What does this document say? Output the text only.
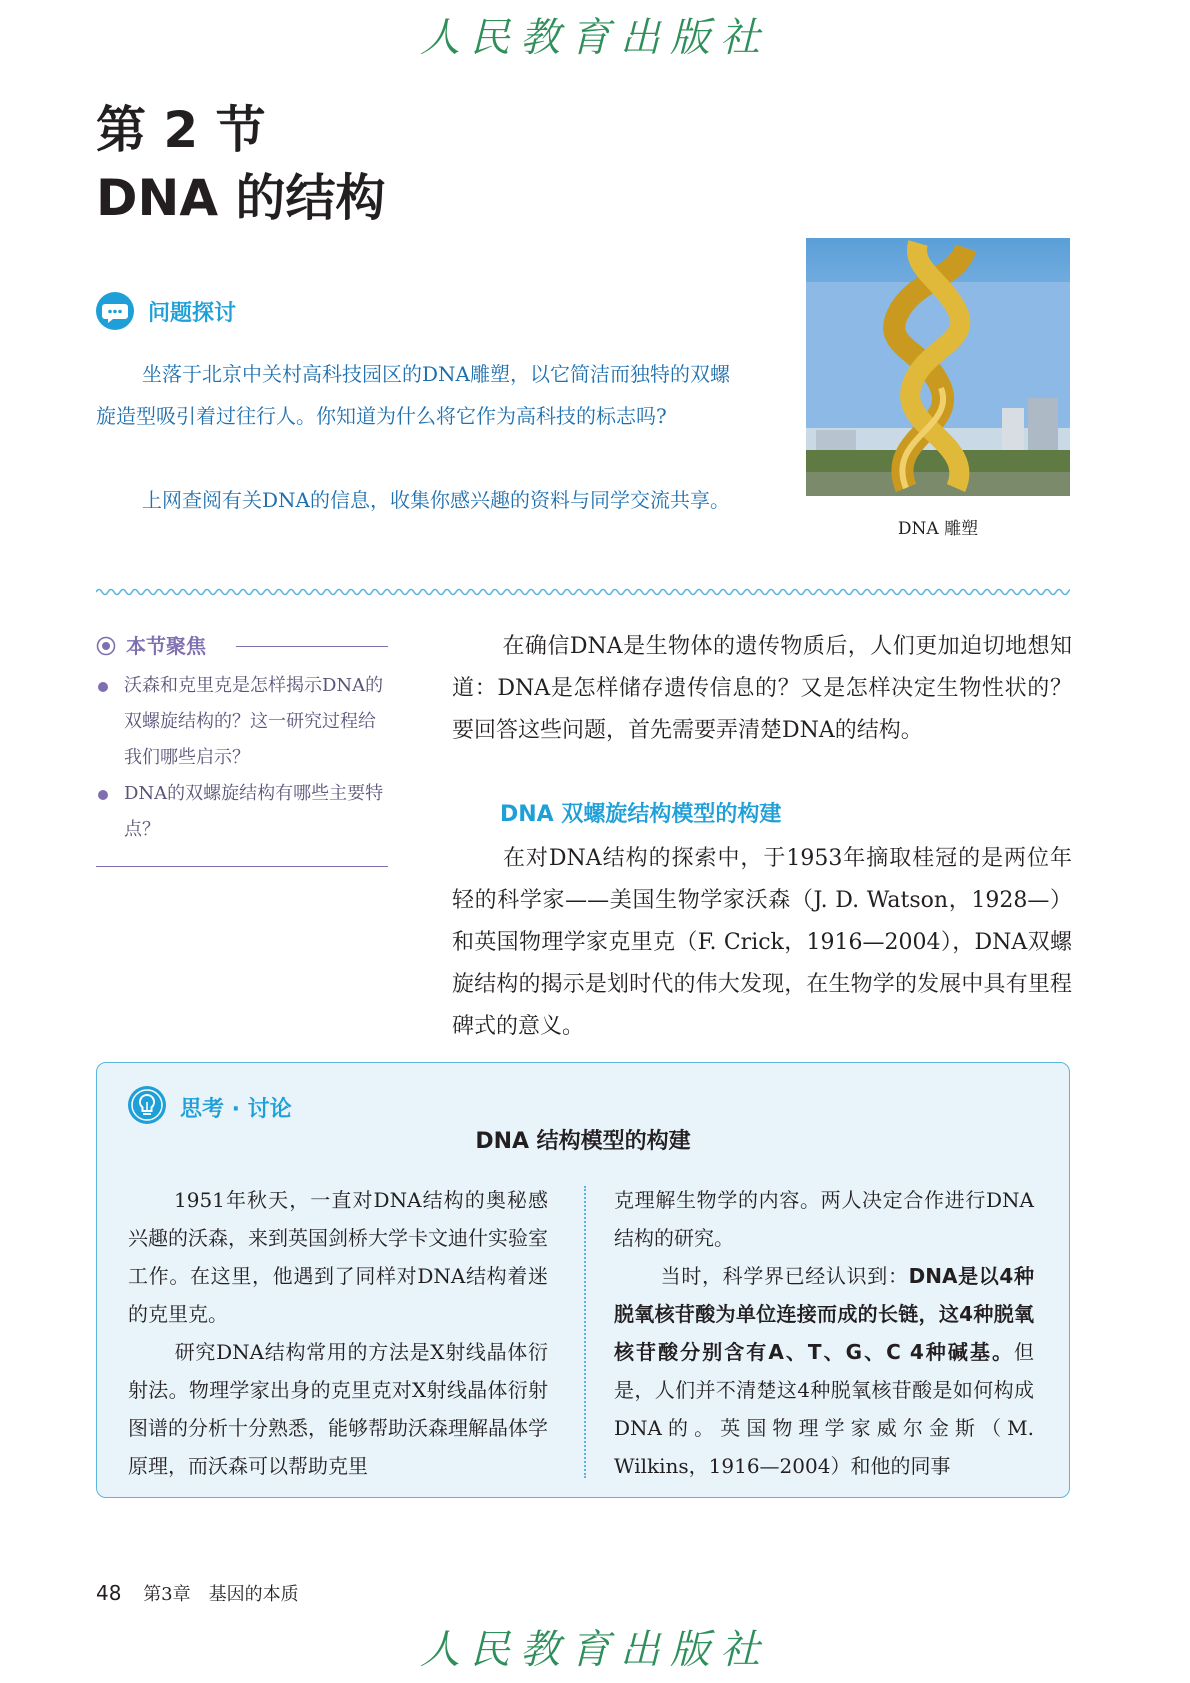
人民教育出版社
第 2 节
DNA 的结构
问题探讨
坐落于北京中关村高科技园区的DNA雕塑，以它简洁而独特的双螺旋造型吸引着过往行人。你知道为什么将它作为高科技的标志吗?
上网查阅有关DNA的信息，收集你感兴趣的资料与同学交流共享。
DNA 雕塑
本节聚焦
沃森和克里克是怎样揭示DNA的双螺旋结构的？这一研究过程给我们哪些启示？
DNA的双螺旋结构有哪些主要特点？
在确信DNA是生物体的遗传物质后，人们更加迫切地想知道：DNA是怎样储存遗传信息的？又是怎样决定生物性状的？要回答这些问题，首先需要弄清楚DNA的结构。
DNA 双螺旋结构模型的构建
在对DNA结构的探索中，于1953年摘取桂冠的是两位年轻的科学家——美国生物学家沃森（J. D. Watson，1928—）和英国物理学家克里克（F. Crick，1916—2004），DNA双螺旋结构的揭示是划时代的伟大发现，在生物学的发展中具有里程碑式的意义。
思考 · 讨论
DNA 结构模型的构建
1951年秋天，一直对DNA结构的奥秘感兴趣的沃森，来到英国剑桥大学卡文迪什实验室工作。在这里，他遇到了同样对DNA结构着迷的克里克。
研究DNA结构常用的方法是X射线晶体衍射法。物理学家出身的克里克对X射线晶体衍射图谱的分析十分熟悉，能够帮助沃森理解晶体学原理，而沃森可以帮助克里
克理解生物学的内容。两人决定合作进行DNA结构的研究。
当时，科学界已经认识到：DNA是以4种脱氧核苷酸为单位连接而成的长链，这4种脱氧核苷酸分别含有A、T、G、C 4种碱基。但是，人们并不清楚这4种脱氧核苷酸是如何构成DNA的。英国物理学家威尔金斯（M. Wilkins，1916—2004）和他的同事
48 第3章　基因的本质
人民教育出版社
